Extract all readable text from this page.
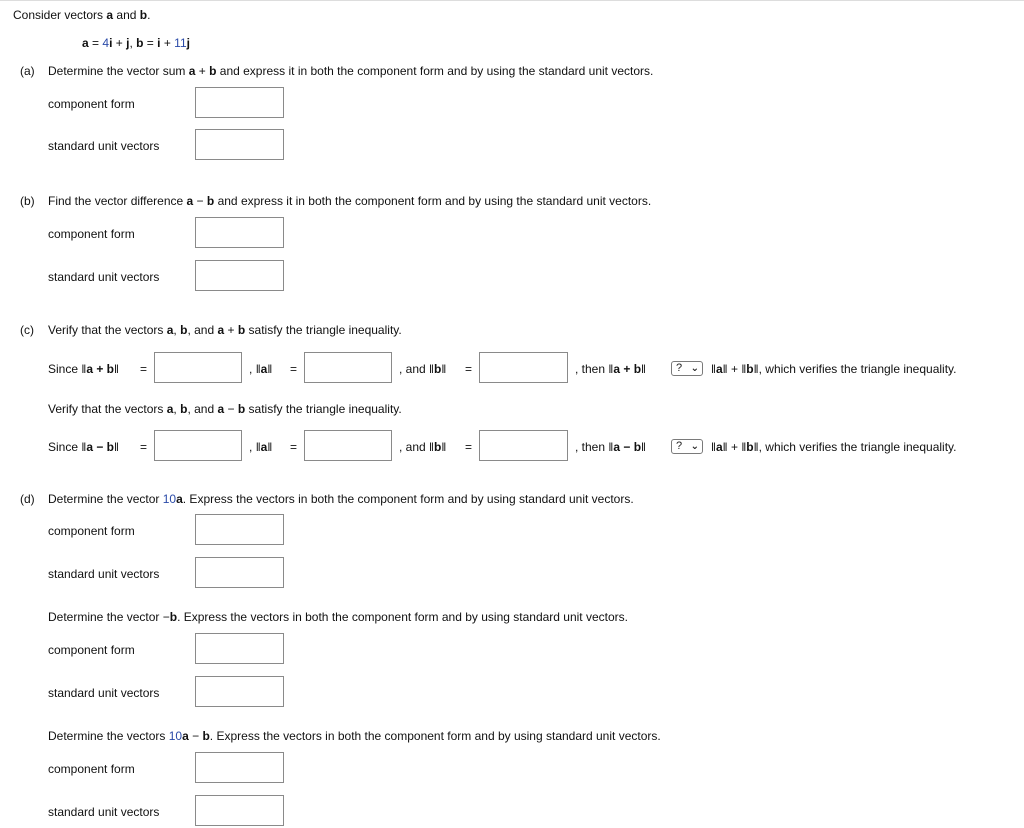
Consider vectors a and b.
a = 4i + j, b = i + 11j
(a) Determine the vector sum a + b and express it in both the component form and by using the standard unit vectors.
component form
standard unit vectors
(b) Find the vector difference a − b and express it in both the component form and by using the standard unit vectors.
component form
standard unit vectors
(c) Verify that the vectors a, b, and a + b satisfy the triangle inequality.
Since ‖a + b‖ =	, ‖a‖ =	, and ‖b‖ =	, then ‖a + b‖	? ⌄ ‖a‖ + ‖b‖, which verifies the triangle inequality.
Verify that the vectors a, b, and a − b satisfy the triangle inequality.
Since ‖a − b‖ =	, ‖a‖ =	, and ‖b‖ =	, then ‖a − b‖	? ⌄ ‖a‖ + ‖b‖, which verifies the triangle inequality.
(d) Determine the vector 10a. Express the vectors in both the component form and by using standard unit vectors.
component form
standard unit vectors
Determine the vector −b. Express the vectors in both the component form and by using standard unit vectors.
component form
standard unit vectors
Determine the vectors 10a − b. Express the vectors in both the component form and by using standard unit vectors.
component form
standard unit vectors
